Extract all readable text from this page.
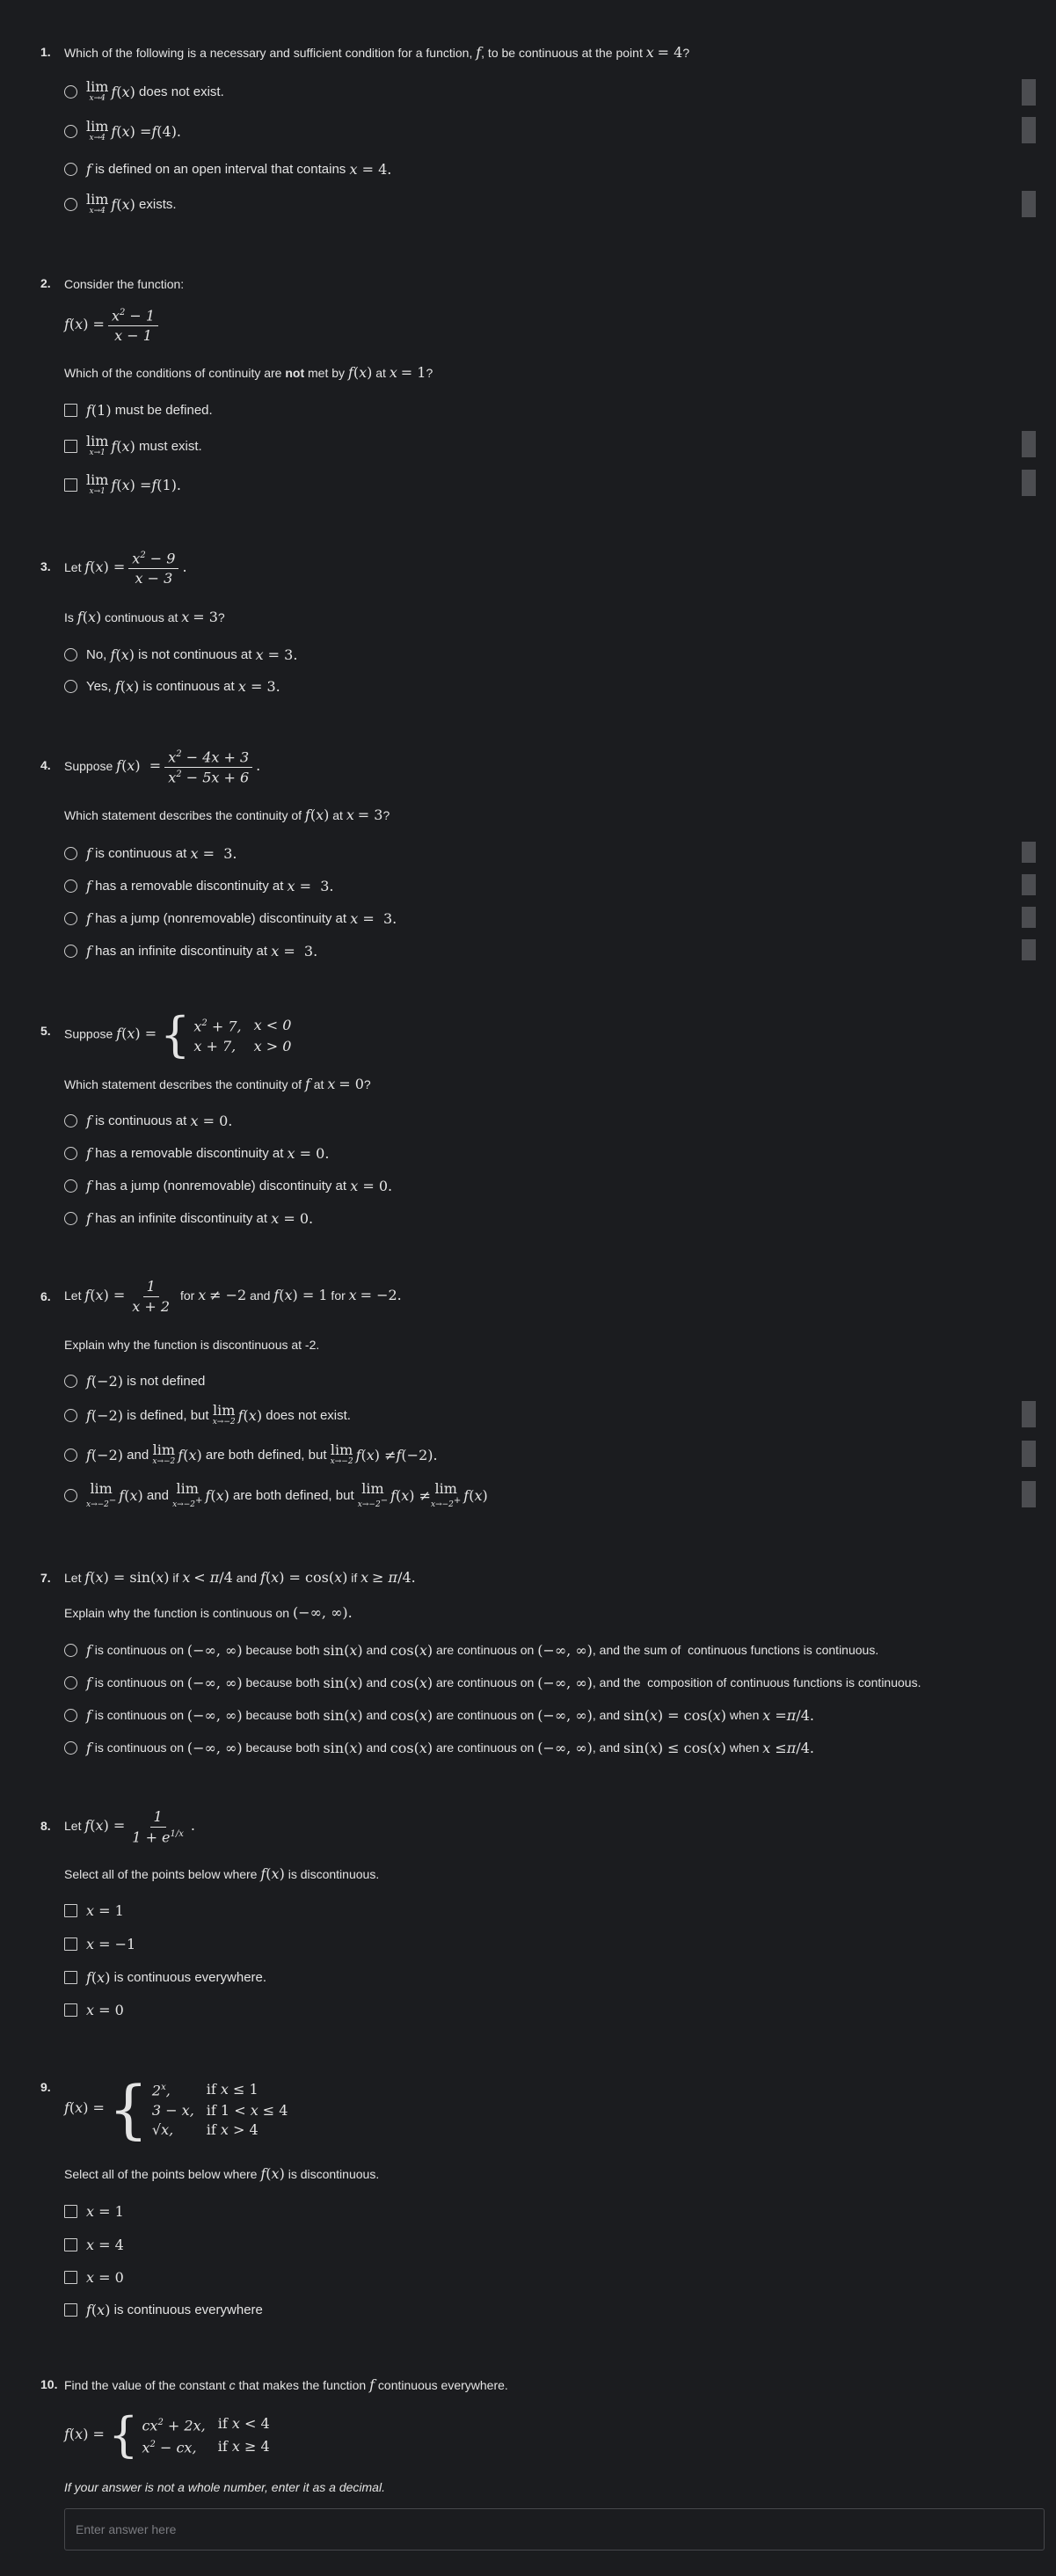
1. Which of the following is a necessary and sufficient condition for a function, f, to be continuous at the point x = 4?
lim
x→4 f ( x ) does not exist.
lim
x→4 f ( x ) = f (4).
f is defined on an open interval that contains x = 4.
lim
x→4 f ( x ) exists.
2. Consider the function:
$f(x) = \frac{x^2 - 1}{x - 1}$
Which of the conditions of continuity are not met by f(x) at x = 1?
f (1) must be defined.
lim
x→1 f ( x ) must exist.
lim
x→1 f ( x ) = f (1).
3. Let $f(x) = \frac{x^2 - 9}{x - 3}$ .
Is f(x) continuous at x = 3?
No, f ( x ) is not continuous at x = 3.
Yes, f ( x ) is continuous at x = 3.
4. Suppose $f(x) = \frac{x^2 - 4x + 3}{x^2 - 5x + 6}$ .
Which statement describes the continuity of f(x) at x = 3?
f is continuous at x =  3.
f has a removable discontinuity at x =  3.
f has a jump (nonremovable) discontinuity at x =  3.
f has an infinite discontinuity at x =  3.
5. Suppose f(x) = { $x^2 + 7$,	x < 0
x + 7,	x > 0
Which statement describes the continuity of f at x = 0?
f is continuous at x = 0.
f has a removable discontinuity at x = 0.
f has a jump (nonremovable) discontinuity at x = 0.
f has an infinite discontinuity at x = 0.
6. Let $f(x) = \frac{1}{x + 2}$ for x ≠ −2 and f(x) = 1 for x = −2.
Explain why the function is discontinuous at -2.
f (−2) is not defined
f (−2) is defined, but lim
x→−2 f ( x ) does not exist.
f (−2) and lim
x→−2 f ( x ) are both defined, but lim
x→−2 f ( x ) ≠ f (−2).
lim
x→−2− f ( x ) and lim
x→−2+ f ( x ) are both defined, but lim
x→−2− f ( x ) ≠ lim
x→−2+ f ( x )
7. Let f(x) = sin(x) if x < π/4 and f(x) = cos(x) if x ≥ π/4.
Explain why the function is continuous on (−∞, ∞).
f is continuous on (−∞, ∞) because both sin( x ) and cos( x ) are continuous on (−∞, ∞) , and the sum of  continuous functions is continuous.
f is continuous on (−∞, ∞) because both sin( x ) and cos( x ) are continuous on (−∞, ∞) , and the  composition of continuous functions is continuous.
f is continuous on (−∞, ∞) because both sin( x ) and cos( x ) are continuous on (−∞, ∞) , and sin( x ) = cos( x ) when x = π /4.
f is continuous on (−∞, ∞) because both sin( x ) and cos( x ) are continuous on (−∞, ∞) , and sin( x ) ≤ cos( x ) when x ≤ π /4.
8. Let $f(x) = \frac{1}{1 + e^{1/x}}$ .
Select all of the points below where f(x) is discontinuous.
x = 1
x = −1
f ( x ) is continuous everywhere.
x = 0
9.
f(x) = { 2$^x$,	if x ≤ 1
3 − x,	if 1 < x ≤ 4
√x,	if x > 4
Select all of the points below where f(x) is discontinuous.
x = 1
x = 4
x = 0
f ( x ) is continuous everywhere
10. Find the value of the constant c that makes the function f continuous everywhere.
f(x) = { $cx^2 + 2x$,	if x < 4
$x^2$ − cx,	if x ≥ 4
If your answer is not a whole number, enter it as a decimal.
Enter answer here
